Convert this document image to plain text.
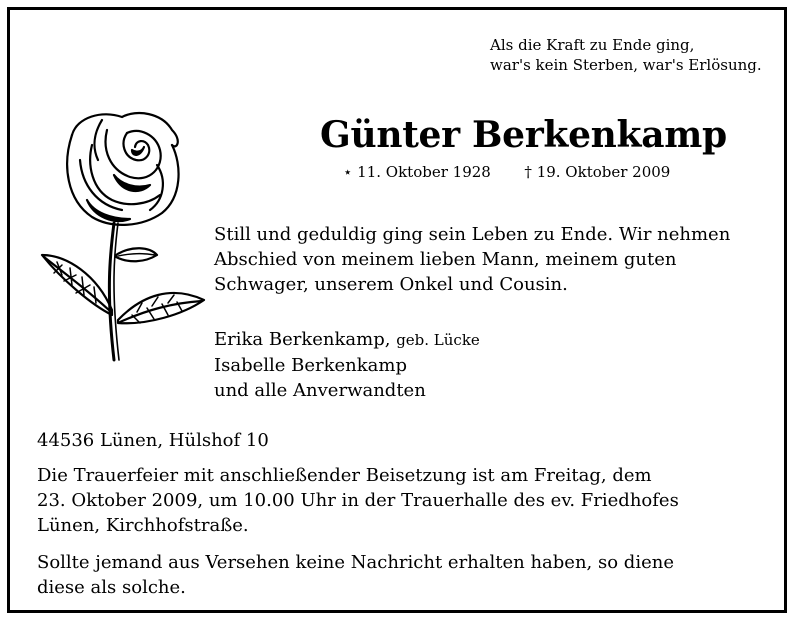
Als die Kraft zu Ende ging,
war's kein Sterben, war's Erlösung.
Günter Berkenkamp
⋆ 11. Oktober 1928 † 19. Oktober 2009
Still und geduldig ging sein Leben zu Ende. Wir nehmen
Abschied von meinem lieben Mann, meinem guten
Schwager, unserem Onkel und Cousin.
Erika Berkenkamp, geb. Lücke
Isabelle Berkenkamp
und alle Anverwandten
44536 Lünen, Hülshof 10
Die Trauerfeier mit anschließender Beisetzung ist am Freitag, dem
23. Oktober 2009, um 10.00 Uhr in der Trauerhalle des ev. Friedhofes
Lünen, Kirchhofstraße.
Sollte jemand aus Versehen keine Nachricht erhalten haben, so diene
diese als solche.
